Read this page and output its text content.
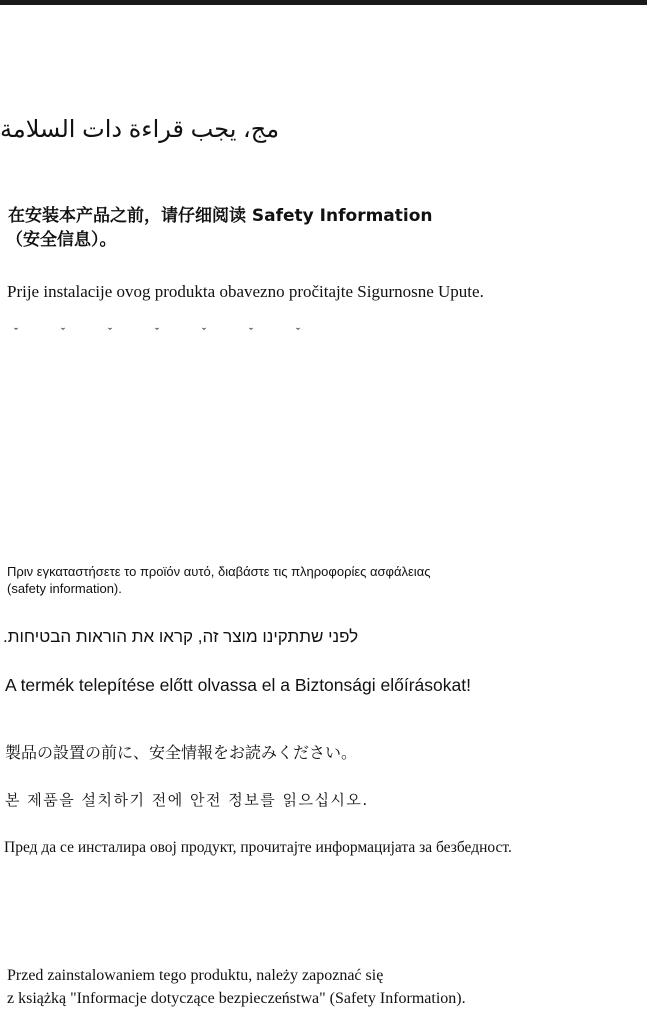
مج، يجب قراءة دات السلامة
在安装本产品之前，请仔细阅读 Safety Information
（安全信息）。
Prije instalacije ovog produkta obavezno pročitajte Sigurnosne Upute.
ˇ ˇ ˇ ˇ ˇ ˇ ˇ
Πριν εγκαταστήσετε το προϊόν αυτό, διαβάστε τις πληροφορίες ασφάλειας
(safety information).
לפני שתתקינו מוצר זה, קראו את הוראות הבטיחות.
A termék telepítése előtt olvassa el a Biztonsági előírásokat!
製品の設置の前に、安全情報をお読みください。
본 제품을 설치하기 전에 안전 정보를 읽으십시오.
Пред да се инсталира овој продукт, прочитајте информацијата за безбедност.
Przed zainstalowaniem tego produktu, należy zapoznać się
z książką "Informacje dotyczące bezpieczeństwa" (Safety Information).
